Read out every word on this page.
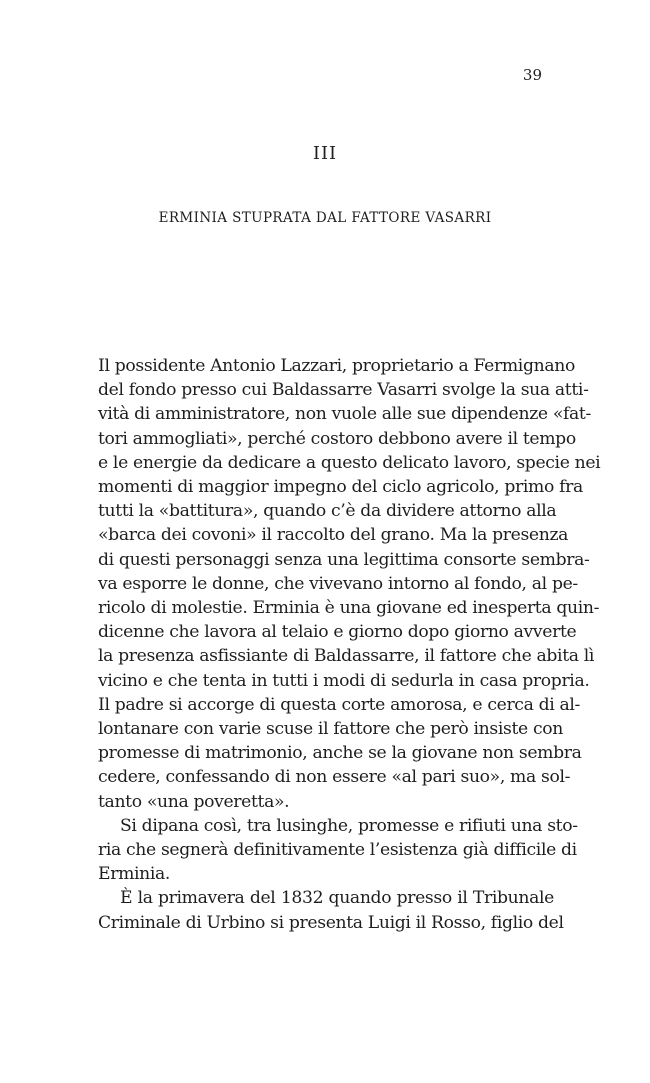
39
III
ERMINIA STUPRATA DAL FATTORE VASARRI
Il possidente Antonio Lazzari, proprietario a Fermignano
del fondo presso cui Baldassarre Vasarri svolge la sua atti-
vità di amministratore, non vuole alle sue dipendenze «fat-
tori ammogliati», perché costoro debbono avere il tempo
e le energie da dedicare a questo delicato lavoro, specie nei
momenti di maggior impegno del ciclo agricolo, primo fra
tutti la «battitura», quando c’è da dividere attorno alla
«barca dei covoni» il raccolto del grano. Ma la presenza
di questi personaggi senza una legittima consorte sembra-
va esporre le donne, che vivevano intorno al fondo, al pe-
ricolo di molestie. Erminia è una giovane ed inesperta quin-
dicenne che lavora al telaio e giorno dopo giorno avverte
la presenza asfissiante di Baldassarre, il fattore che abita lì
vicino e che tenta in tutti i modi di sedurla in casa propria.
Il padre si accorge di questa corte amorosa, e cerca di al-
lontanare con varie scuse il fattore che però insiste con
promesse di matrimonio, anche se la giovane non sembra
cedere, confessando di non essere «al pari suo», ma sol-
tanto «una poveretta».
Si dipana così, tra lusinghe, promesse e rifiuti una sto-
ria che segnerà definitivamente l’esistenza già difficile di
Erminia.
È la primavera del 1832 quando presso il Tribunale
Criminale di Urbino si presenta Luigi il Rosso, figlio del
